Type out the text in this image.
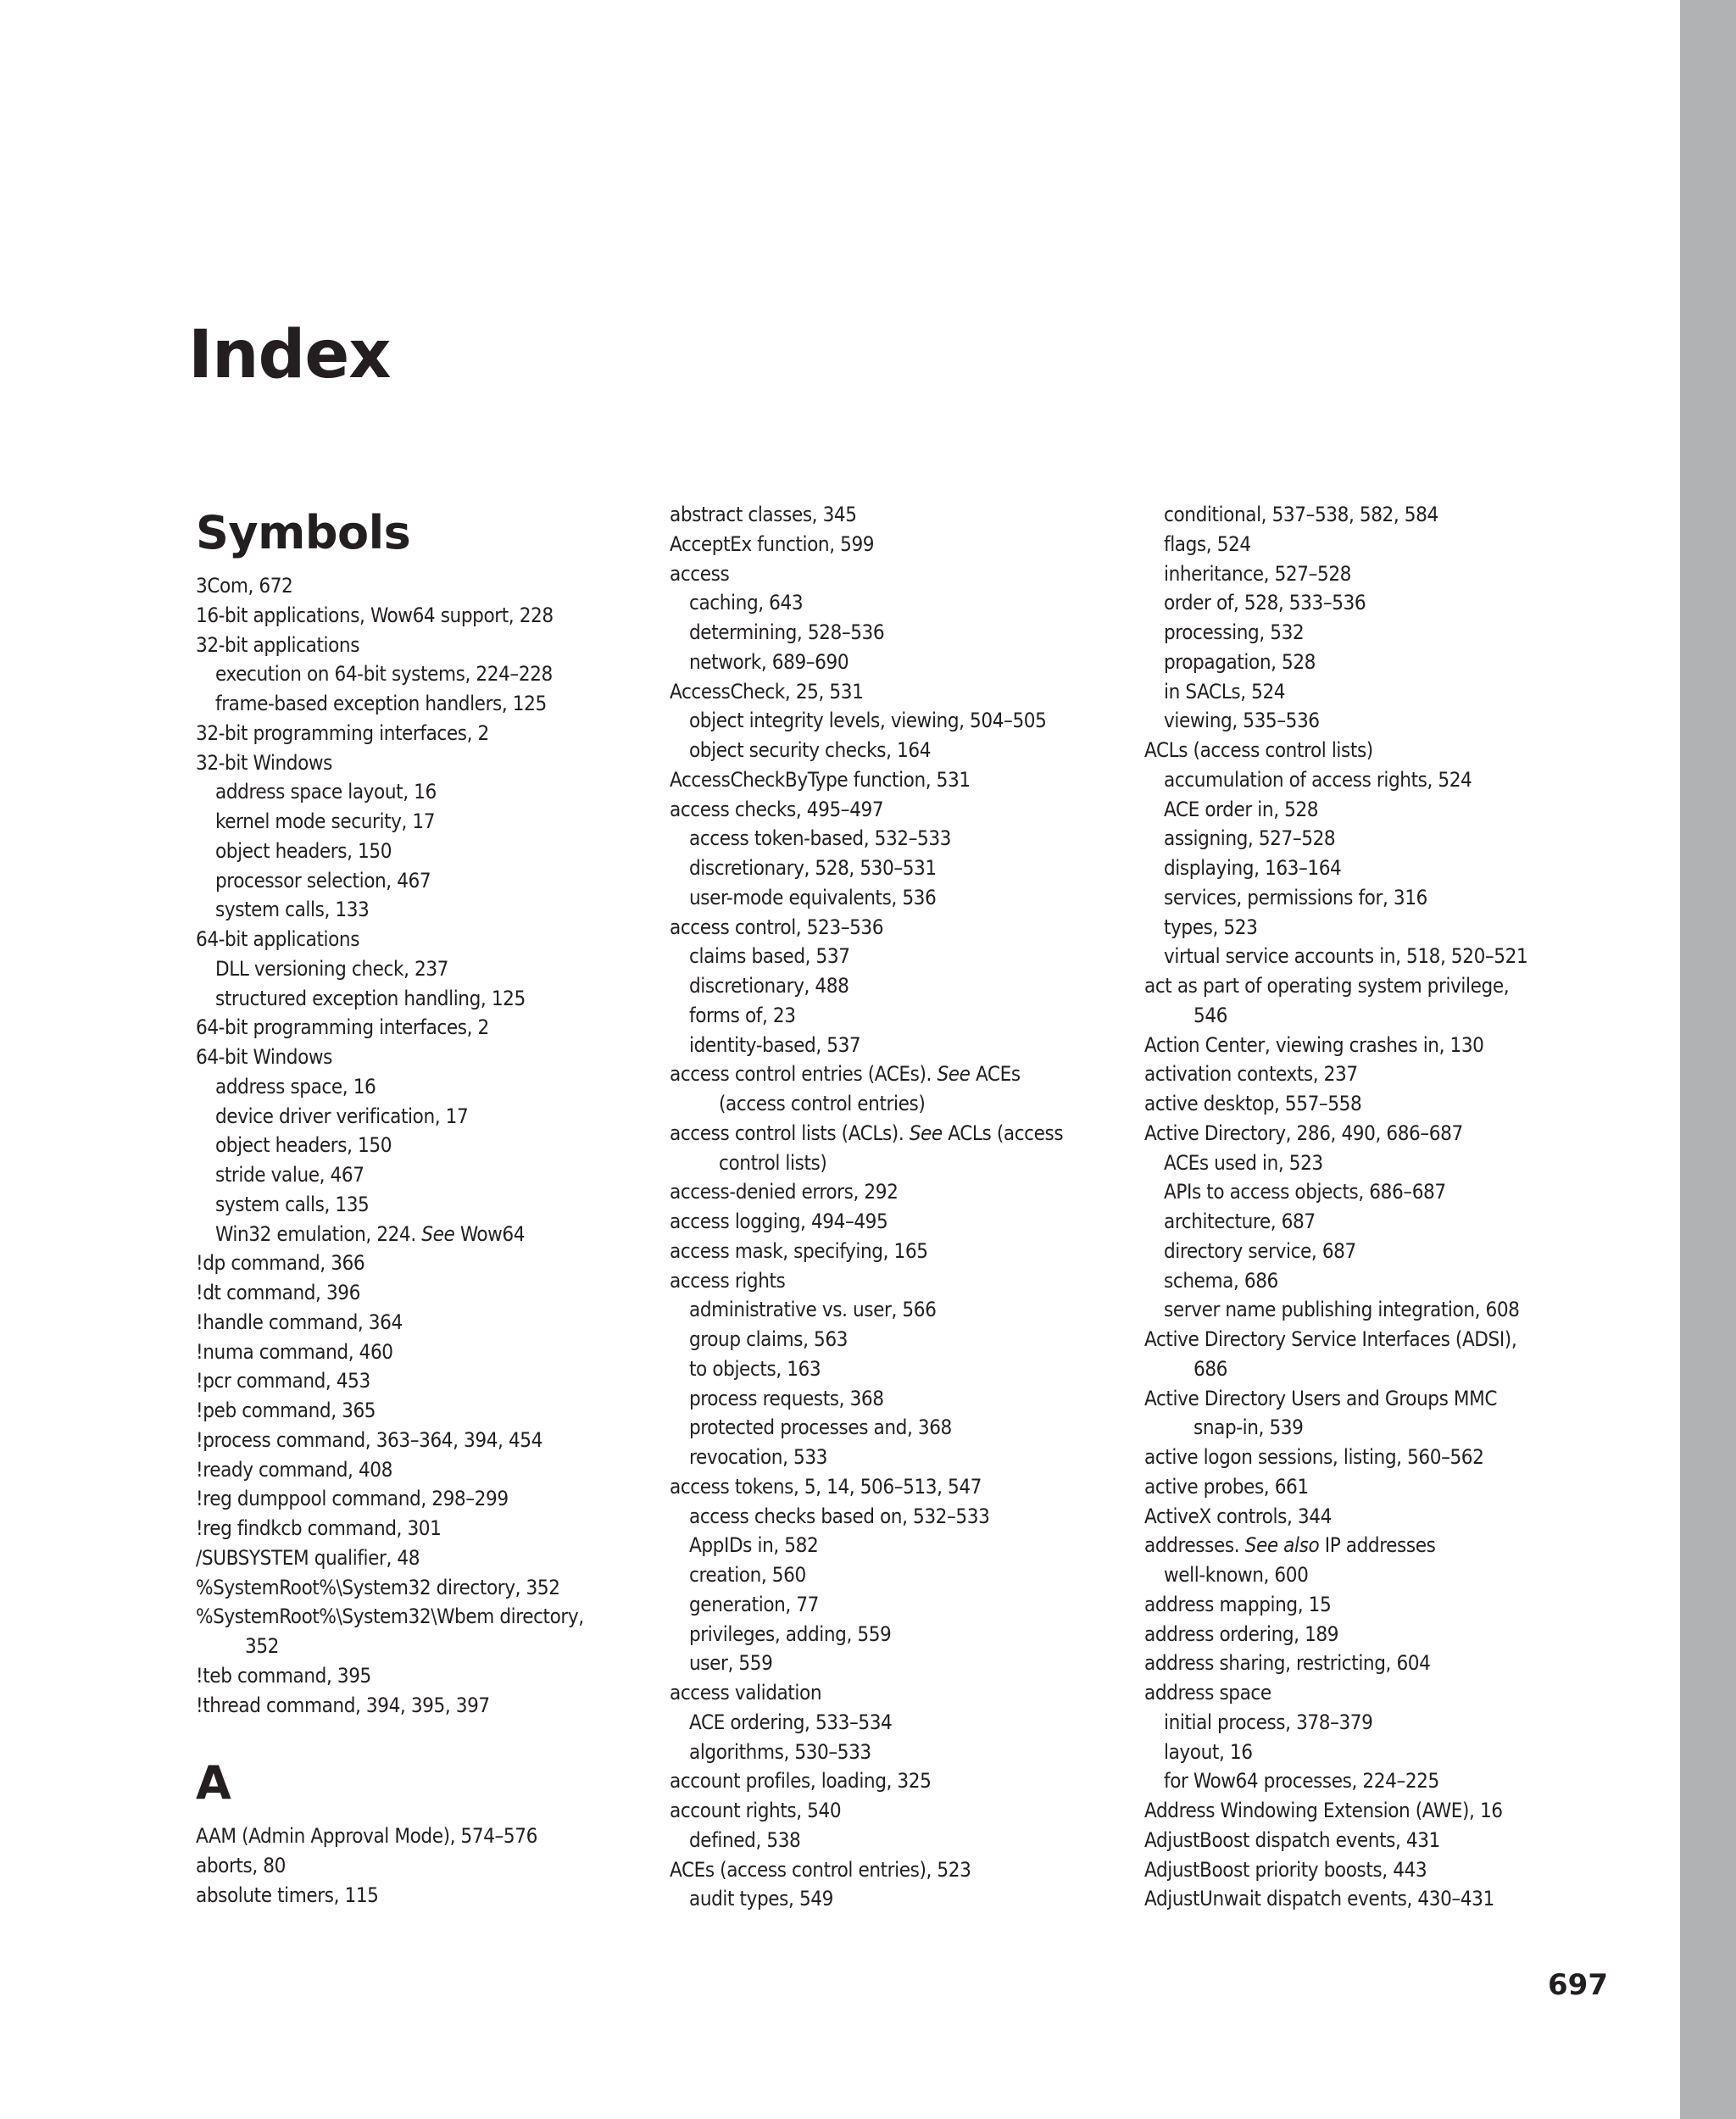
Index
Symbols
3Com, 672
16-bit applications, Wow64 support, 228
32-bit applications
execution on 64-bit systems, 224–228
frame-based exception handlers, 125
32-bit programming interfaces, 2
32-bit Windows
address space layout, 16
kernel mode security, 17
object headers, 150
processor selection, 467
system calls, 133
64-bit applications
DLL versioning check, 237
structured exception handling, 125
64-bit programming interfaces, 2
64-bit Windows
address space, 16
device driver verification, 17
object headers, 150
stride value, 467
system calls, 135
Win32 emulation, 224. See Wow64
!dp command, 366
!dt command, 396
!handle command, 364
!numa command, 460
!pcr command, 453
!peb command, 365
!process command, 363–364, 394, 454
!ready command, 408
!reg dumppool command, 298–299
!reg findkcb command, 301
/SUBSYSTEM qualifier, 48
%SystemRoot%\System32 directory, 352
%SystemRoot%\System32\Wbem directory,
352
!teb command, 395
!thread command, 394, 395, 397
A
AAM (Admin Approval Mode), 574–576
aborts, 80
absolute timers, 115
abstract classes, 345
AcceptEx function, 599
access
caching, 643
determining, 528–536
network, 689–690
AccessCheck, 25, 531
object integrity levels, viewing, 504–505
object security checks, 164
AccessCheckByType function, 531
access checks, 495–497
access token-based, 532–533
discretionary, 528, 530–531
user-mode equivalents, 536
access control, 523–536
claims based, 537
discretionary, 488
forms of, 23
identity-based, 537
access control entries (ACEs). See ACEs
(access control entries)
access control lists (ACLs). See ACLs (access
control lists)
access-denied errors, 292
access logging, 494–495
access mask, specifying, 165
access rights
administrative vs. user, 566
group claims, 563
to objects, 163
process requests, 368
protected processes and, 368
revocation, 533
access tokens, 5, 14, 506–513, 547
access checks based on, 532–533
AppIDs in, 582
creation, 560
generation, 77
privileges, adding, 559
user, 559
access validation
ACE ordering, 533–534
algorithms, 530–533
account profiles, loading, 325
account rights, 540
defined, 538
ACEs (access control entries), 523
audit types, 549
conditional, 537–538, 582, 584
flags, 524
inheritance, 527–528
order of, 528, 533–536
processing, 532
propagation, 528
in SACLs, 524
viewing, 535–536
ACLs (access control lists)
accumulation of access rights, 524
ACE order in, 528
assigning, 527–528
displaying, 163–164
services, permissions for, 316
types, 523
virtual service accounts in, 518, 520–521
act as part of operating system privilege,
546
Action Center, viewing crashes in, 130
activation contexts, 237
active desktop, 557–558
Active Directory, 286, 490, 686–687
ACEs used in, 523
APIs to access objects, 686–687
architecture, 687
directory service, 687
schema, 686
server name publishing integration, 608
Active Directory Service Interfaces (ADSI),
686
Active Directory Users and Groups MMC
snap-in, 539
active logon sessions, listing, 560–562
active probes, 661
ActiveX controls, 344
addresses. See also IP addresses
well-known, 600
address mapping, 15
address ordering, 189
address sharing, restricting, 604
address space
initial process, 378–379
layout, 16
for Wow64 processes, 224–225
Address Windowing Extension (AWE), 16
AdjustBoost dispatch events, 431
AdjustBoost priority boosts, 443
AdjustUnwait dispatch events, 430–431
697
